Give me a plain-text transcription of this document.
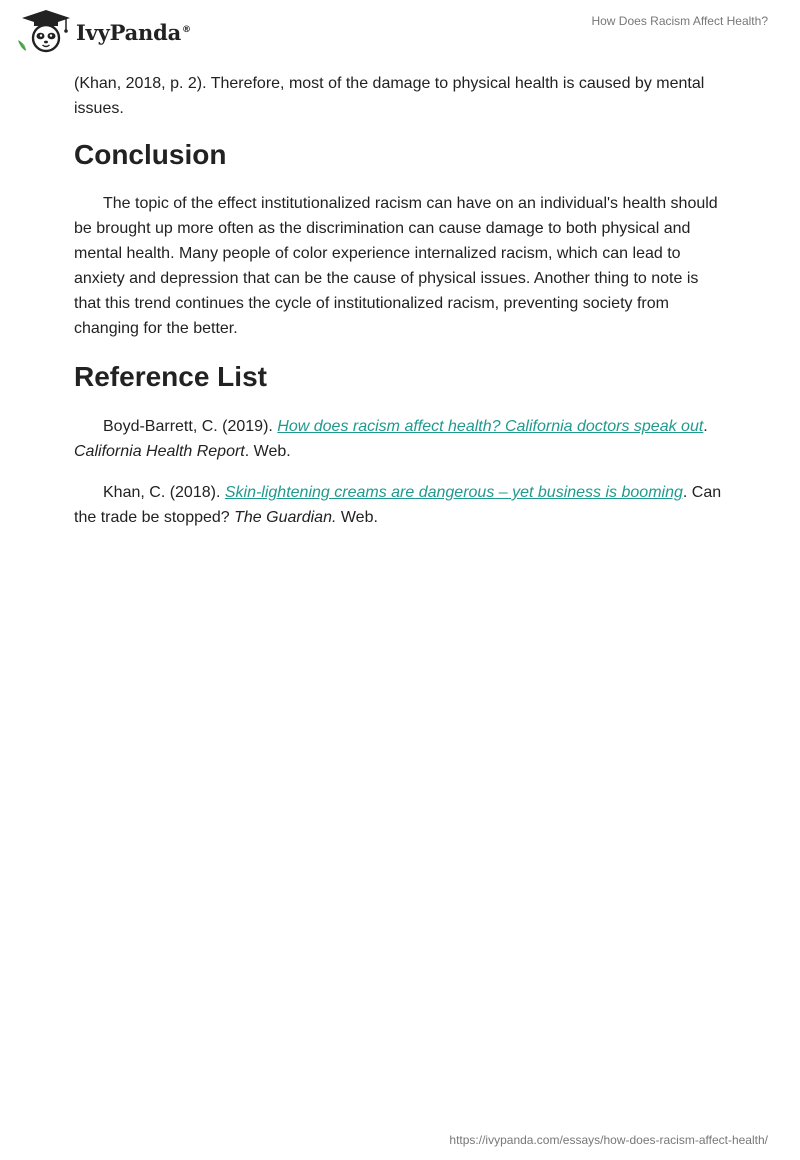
IvyPanda®
How Does Racism Affect Health?

(Khan, 2018, p. 2). Therefore, most of the damage to physical health is caused by mental issues.

Conclusion

The topic of the effect institutionalized racism can have on an individual's health should be brought up more often as the discrimination can cause damage to both physical and mental health. Many people of color experience internalized racism, which can lead to anxiety and depression that can be the cause of physical issues. Another thing to note is that this trend continues the cycle of institutionalized racism, preventing society from changing for the better.

Reference List

Boyd-Barrett, C. (2019). How does racism affect health? California doctors speak out. California Health Report. Web.

Khan, C. (2018). Skin-lightening creams are dangerous – yet business is booming. Can the trade be stopped? The Guardian. Web.

https://ivypanda.com/essays/how-does-racism-affect-health/
